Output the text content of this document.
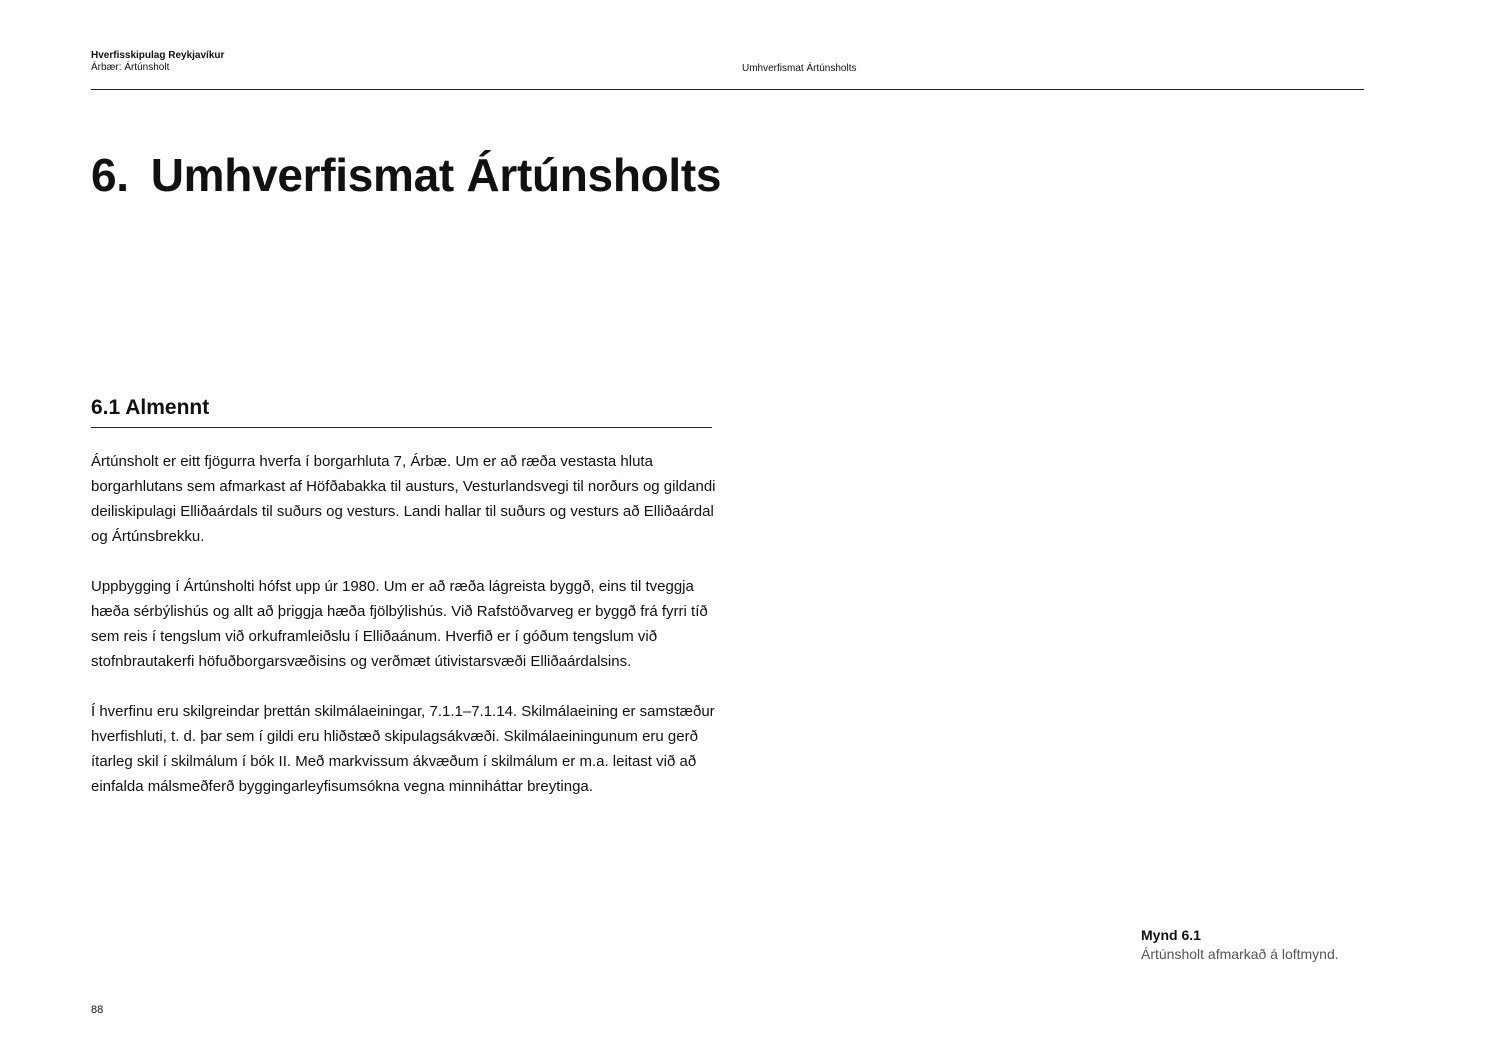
Hverfisskipulag Reykjavíkur
Árbær: Ártúnsholt	Umhverfismat Ártúnsholts
6. Umhverfismat Ártúnsholts
6.1 Almennt

Ártúnsholt er eitt fjögurra hverfa í borgarhluta 7, Árbæ. Um er að ræða vestasta hluta borgarhlutans sem afmarkast af Höfðabakka til austurs, Vesturlandsvegi til norðurs og gildandi deiliskipulagi Elliðaárdals til suðurs og vesturs. Landi hallar til suðurs og vesturs að Elliðaárdal og Ártúnsbrekku.

Uppbygging í Ártúnsholti hófst upp úr 1980. Um er að ræða lágreista byggð, eins til tveggja hæða sérbýlishús og allt að þriggja hæða fjölbýlishús. Við Rafstöðvarveg er byggð frá fyrri tíð sem reis í tengslum við orkuframleiðslu í Elliðaánum. Hverfið er í góðum tengslum við stofnbrautakerfi höfuðborgarsvæðisins og verðmæt útivistarsvæði Elliðaárdalsins.

Í hverfinu eru skilgreindar þrettán skilmálaeiningar, 7.1.1–7.1.14. Skilmálaeining er samstæður hverfishluti, t. d. þar sem í gildi eru hliðstæð skipulagsákvæði. Skilmálaeiningunum eru gerð ítarleg skil í skilmálum í bók II. Með markvissum ákvæðum í skilmálum er m.a. leitast við að einfalda málsmeðferð byggingarleyfisumsókna vegna minniháttar breytinga.

Mynd 6.1
Ártúnsholt afmarkað á loftmynd.
88
